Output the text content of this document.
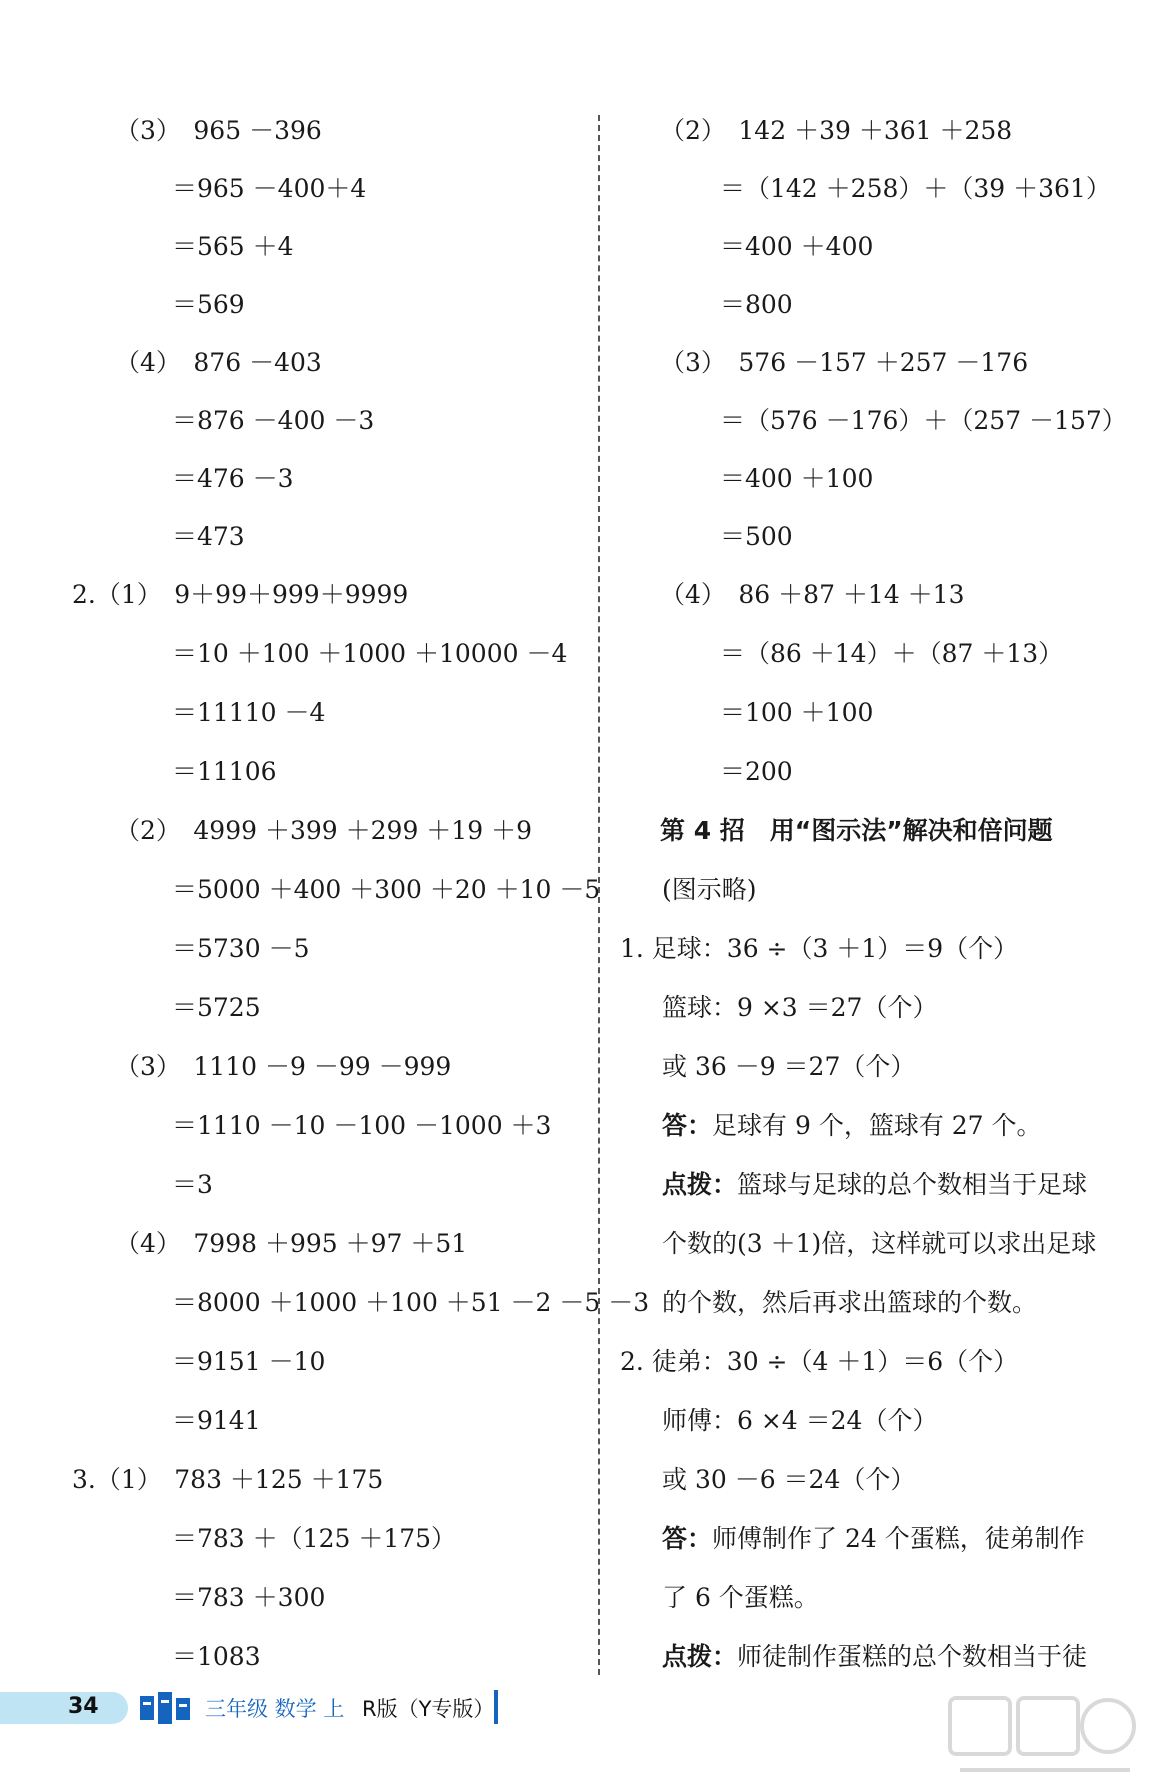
（3）　965 －396
＝965 －400＋4
＝565 ＋4
＝569
（4）　876 －403
＝876 －400 －3
＝476 －3
＝473
2.（1）　9＋99＋999＋9999
＝10 ＋100 ＋1000 ＋10000 －4
＝11110 －4
＝11106
（2）　4999 ＋399 ＋299 ＋19 ＋9
＝5000 ＋400 ＋300 ＋20 ＋10 －5
＝5730 －5
＝5725
（3）　1110 －9 －99 －999
＝1110 －10 －100 －1000 ＋3
＝3
（4）　7998 ＋995 ＋97 ＋51
＝8000 ＋1000 ＋100 ＋51 －2 －5 －3
＝9151 －10
＝9141
3.（1）　783 ＋125 ＋175
＝783 ＋（125 ＋175）
＝783 ＋300
＝1083
（2）　142 ＋39 ＋361 ＋258
＝（142 ＋258）＋（39 ＋361）
＝400 ＋400
＝800
（3）　576 －157 ＋257 －176
＝（576 －176）＋（257 －157）
＝400 ＋100
＝500
（4）　86 ＋87 ＋14 ＋13
＝（86 ＋14）＋（87 ＋13）
＝100 ＋100
＝200
第 4 招　用“图示法”解决和倍问题
(图示略)
1. 足球：36 ÷（3 ＋1）＝9（个）
篮球：9 ×3 ＝27（个）
或 36 －9 ＝27（个）
答：足球有 9 个，篮球有 27 个。
点拨：篮球与足球的总个数相当于足球
个数的(3 ＋1)倍，这样就可以求出足球
的个数，然后再求出篮球的个数。
2. 徒弟：30 ÷（4 ＋1）＝6（个）
师傅：6 ×4 ＝24（个）
或 30 －6 ＝24（个）
答：师傅制作了 24 个蛋糕，徒弟制作
了 6 个蛋糕。
点拨：师徒制作蛋糕的总个数相当于徒
34	三年级 数学 上 R版（Y专版）
